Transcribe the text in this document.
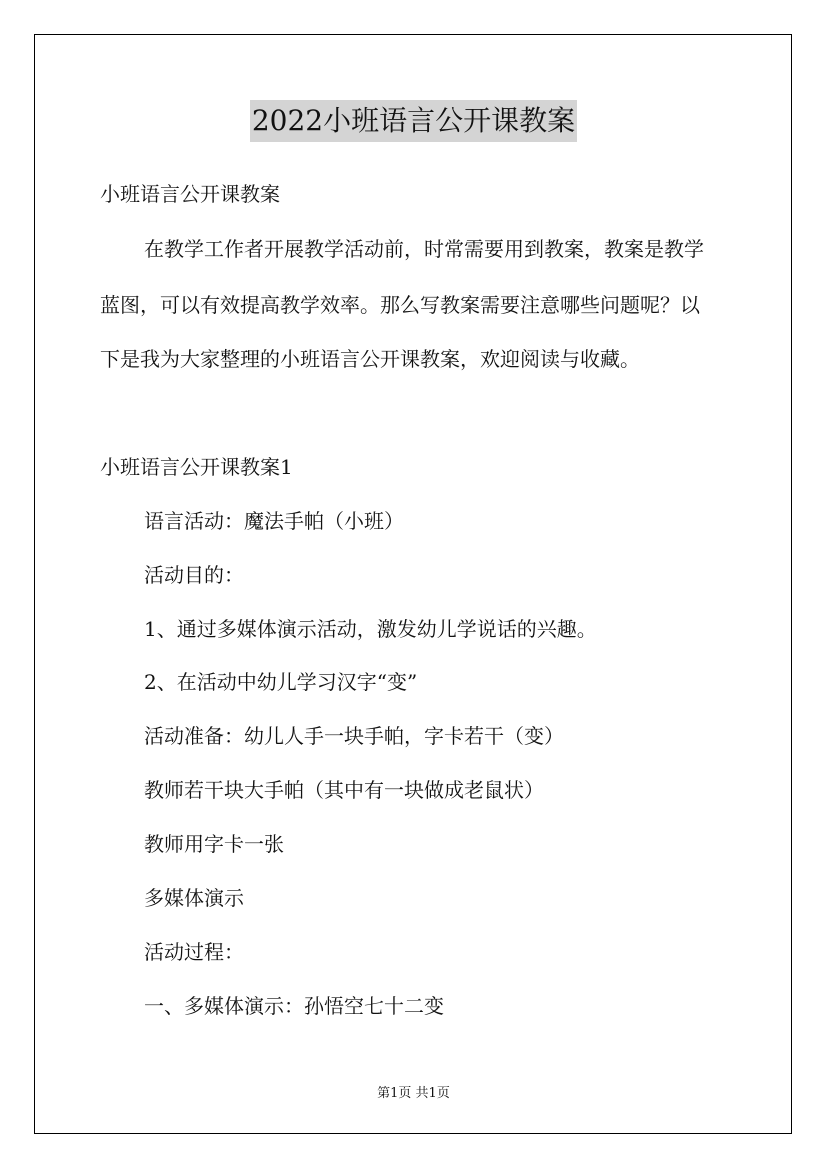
2022小班语言公开课教案
小班语言公开课教案
在教学工作者开展教学活动前，时常需要用到教案，教案是教学
蓝图，可以有效提高教学效率。那么写教案需要注意哪些问题呢？以
下是我为大家整理的小班语言公开课教案，欢迎阅读与收藏。
小班语言公开课教案1
语言活动：魔法手帕（小班）
活动目的：
1、通过多媒体演示活动，激发幼儿学说话的兴趣。
2、在活动中幼儿学习汉字“变”
活动准备：幼儿人手一块手帕，字卡若干（变）
教师若干块大手帕（其中有一块做成老鼠状）
教师用字卡一张
多媒体演示
活动过程：
一、多媒体演示：孙悟空七十二变
第1页 共1页
